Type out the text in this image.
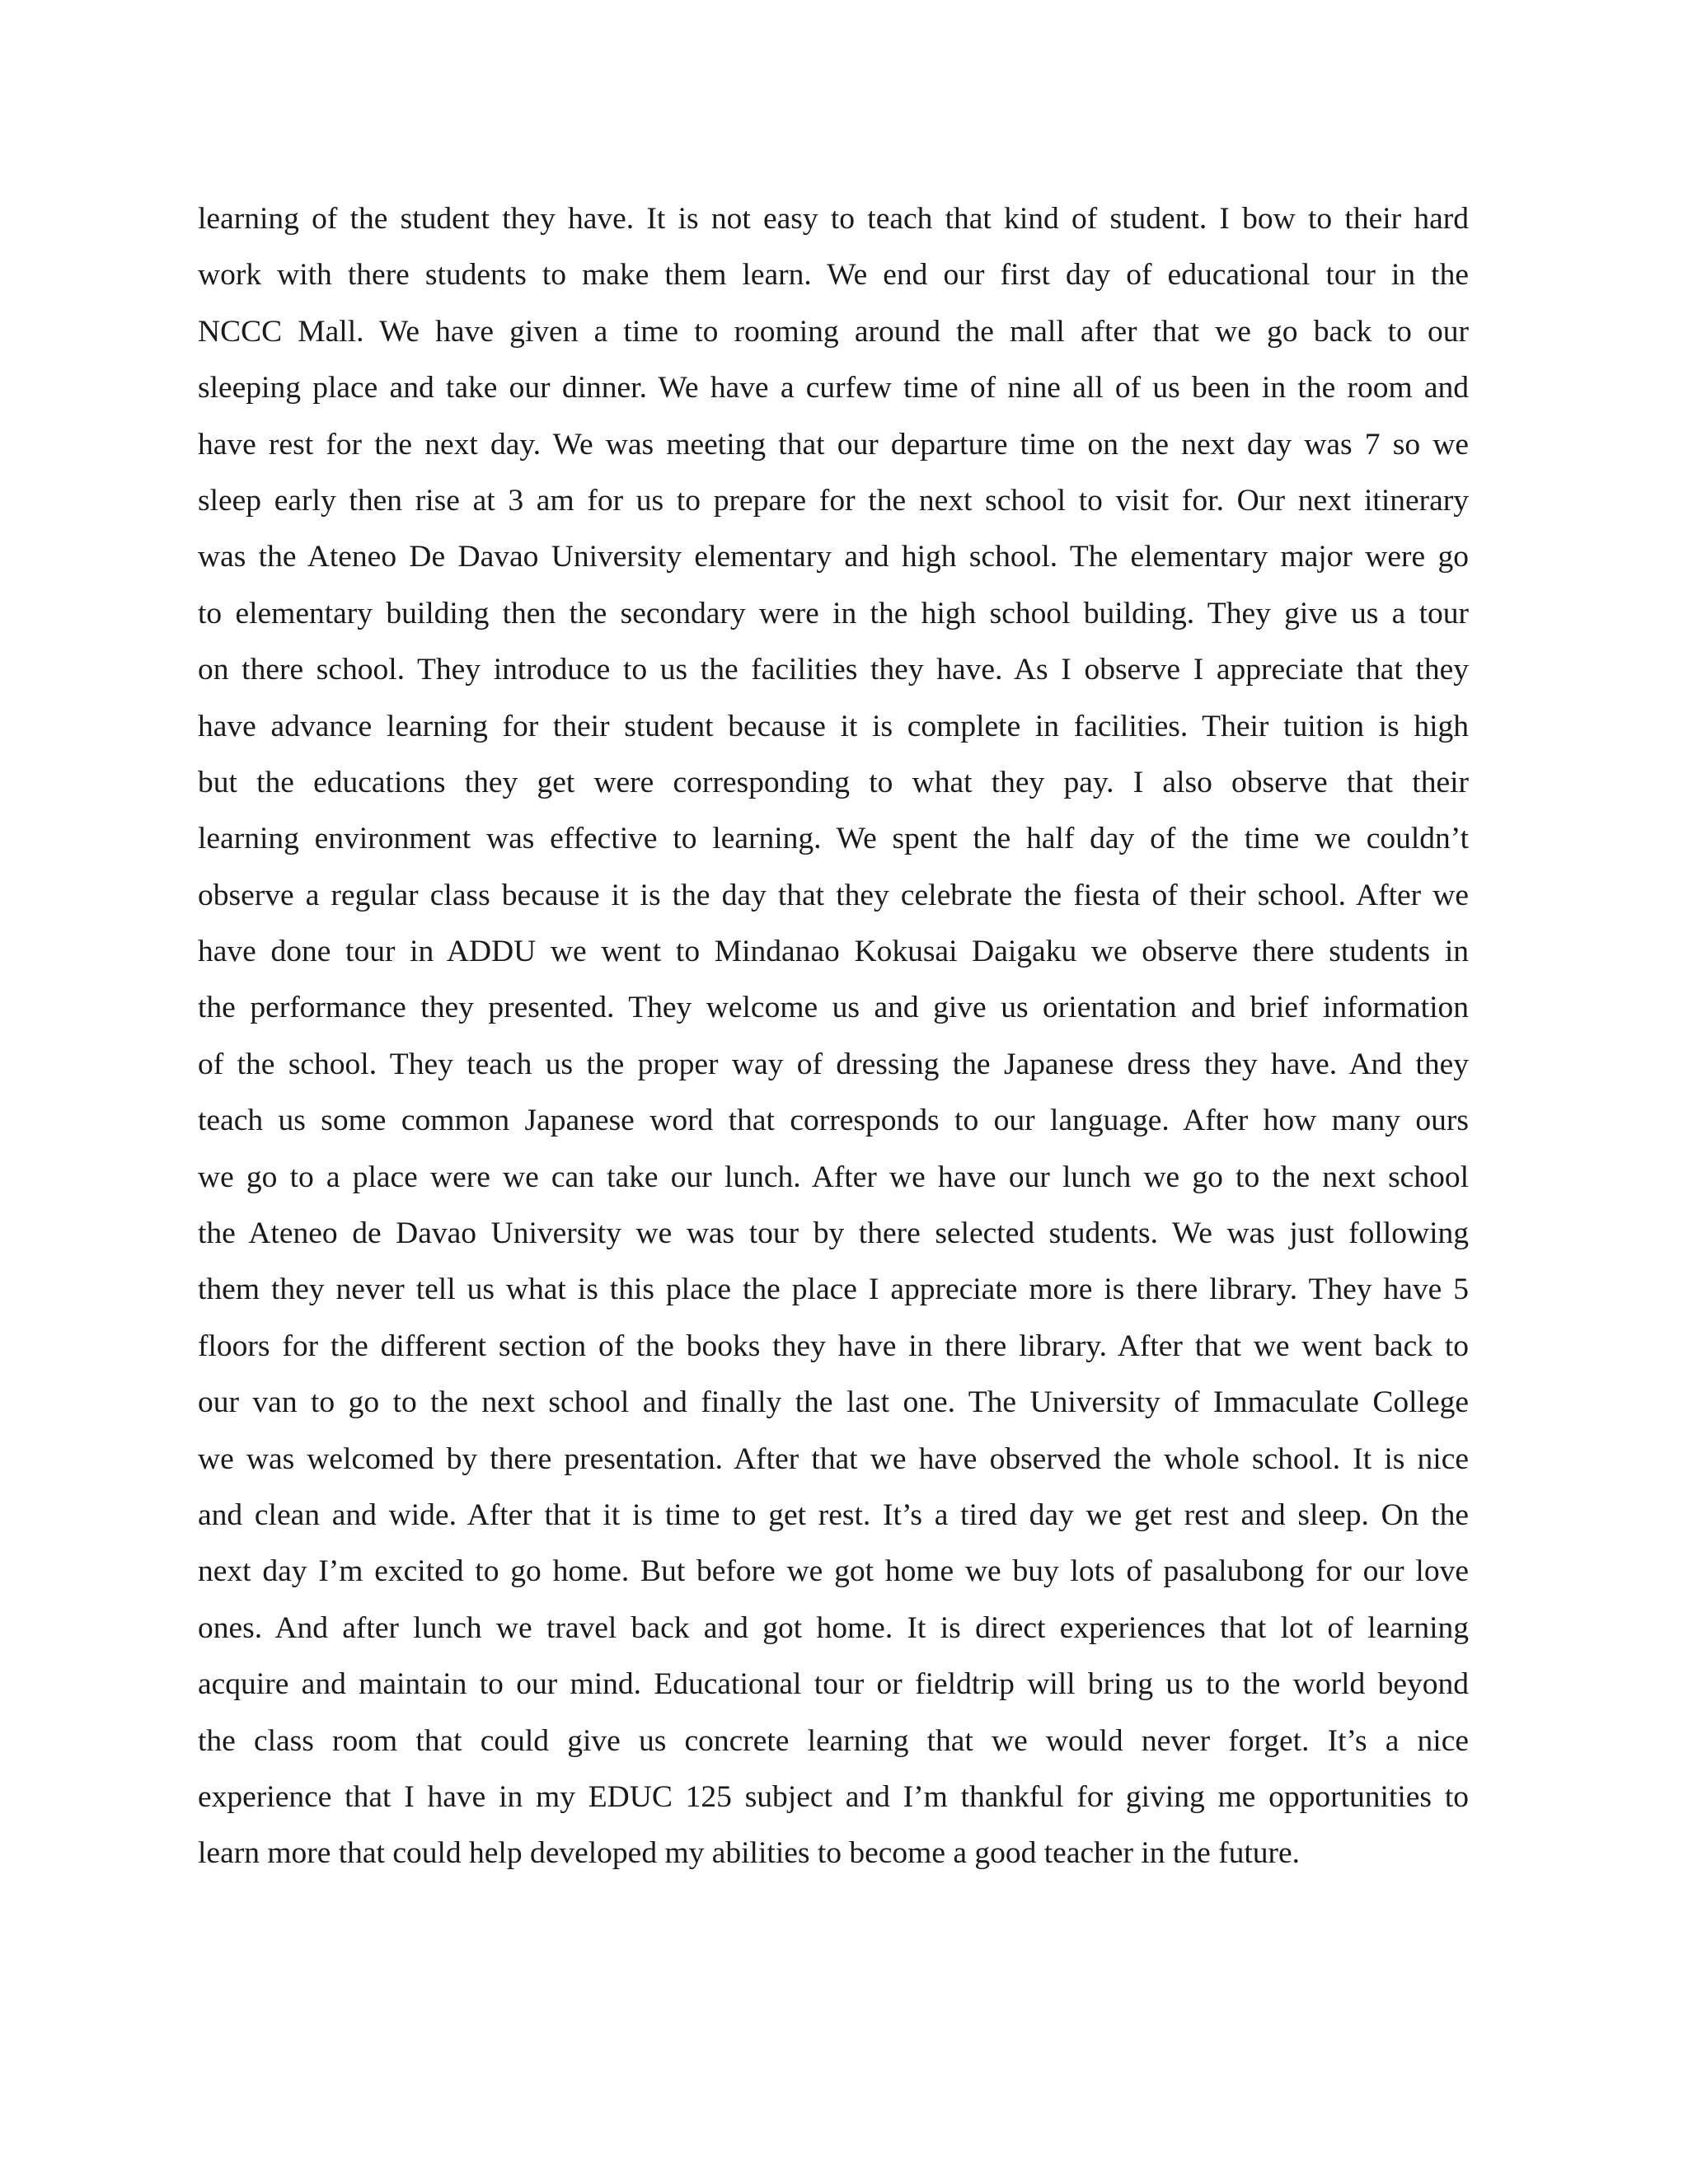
learning of the student they have. It is not easy to teach that kind of student. I bow to their hard
work with there students to make them learn. We end our first day of educational tour in the
NCCC Mall. We have given a time to rooming around the mall after that we go back to our
sleeping place and take our dinner. We have a curfew time of nine all of us been in the room and
have rest for the next day. We was meeting that our departure time on the next day was 7 so we
sleep early then rise at 3 am for us to prepare for the next school to visit for. Our next itinerary
was the Ateneo De Davao University elementary and high school. The elementary major were go
to elementary building then the secondary were in the high school building. They give us a tour
on there school. They introduce to us the facilities they have. As I observe I appreciate that they
have advance learning for their student because it is complete in facilities. Their tuition is high
but the educations they get were corresponding to what they pay. I also observe that their
learning environment was effective to learning. We spent the half day of the time we couldn’t
observe a regular class because it is the day that they celebrate the fiesta of their school. After we
have done tour in ADDU we went to Mindanao Kokusai Daigaku we observe there students in
the performance they presented. They welcome us and give us orientation and brief information
of the school. They teach us the proper way of dressing the Japanese dress they have. And they
teach us some common Japanese word that corresponds to our language. After how many ours
we go to a place were we can take our lunch. After we have our lunch we go to the next school
the Ateneo de Davao University we was tour by there selected students. We was just following
them they never tell us what is this place the place I appreciate more is there library. They have 5
floors for the different section of the books they have in there library. After that we went back to
our van to go to the next school and finally the last one. The University of Immaculate College
we was welcomed by there presentation. After that we have observed the whole school. It is nice
and clean and wide. After that it is time to get rest. It’s a tired day we get rest and sleep. On the
next day I’m excited to go home. But before we got home we buy lots of pasalubong for our love
ones. And after lunch we travel back and got home. It is direct experiences that lot of learning
acquire and maintain to our mind. Educational tour or fieldtrip will bring us to the world beyond
the class room that could give us concrete learning that we would never forget. It’s a nice
experience that I have in my EDUC 125 subject and I’m thankful for giving me opportunities to
learn more that could help developed my abilities to become a good teacher in the future.
